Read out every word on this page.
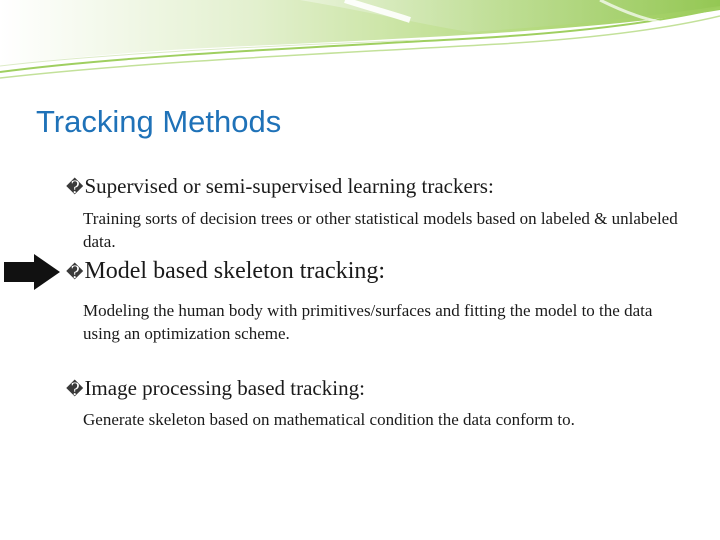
Tracking Methods
�Supervised or semi-supervised learning trackers:

Training sorts of decision trees or other statistical models based on labeled & unlabeled data.

�Model based skeleton tracking:

Modeling the human body with primitives/surfaces and fitting the model to the data using an optimization scheme.

�Image processing based tracking:

Generate skeleton based on mathematical condition the data conform to.
